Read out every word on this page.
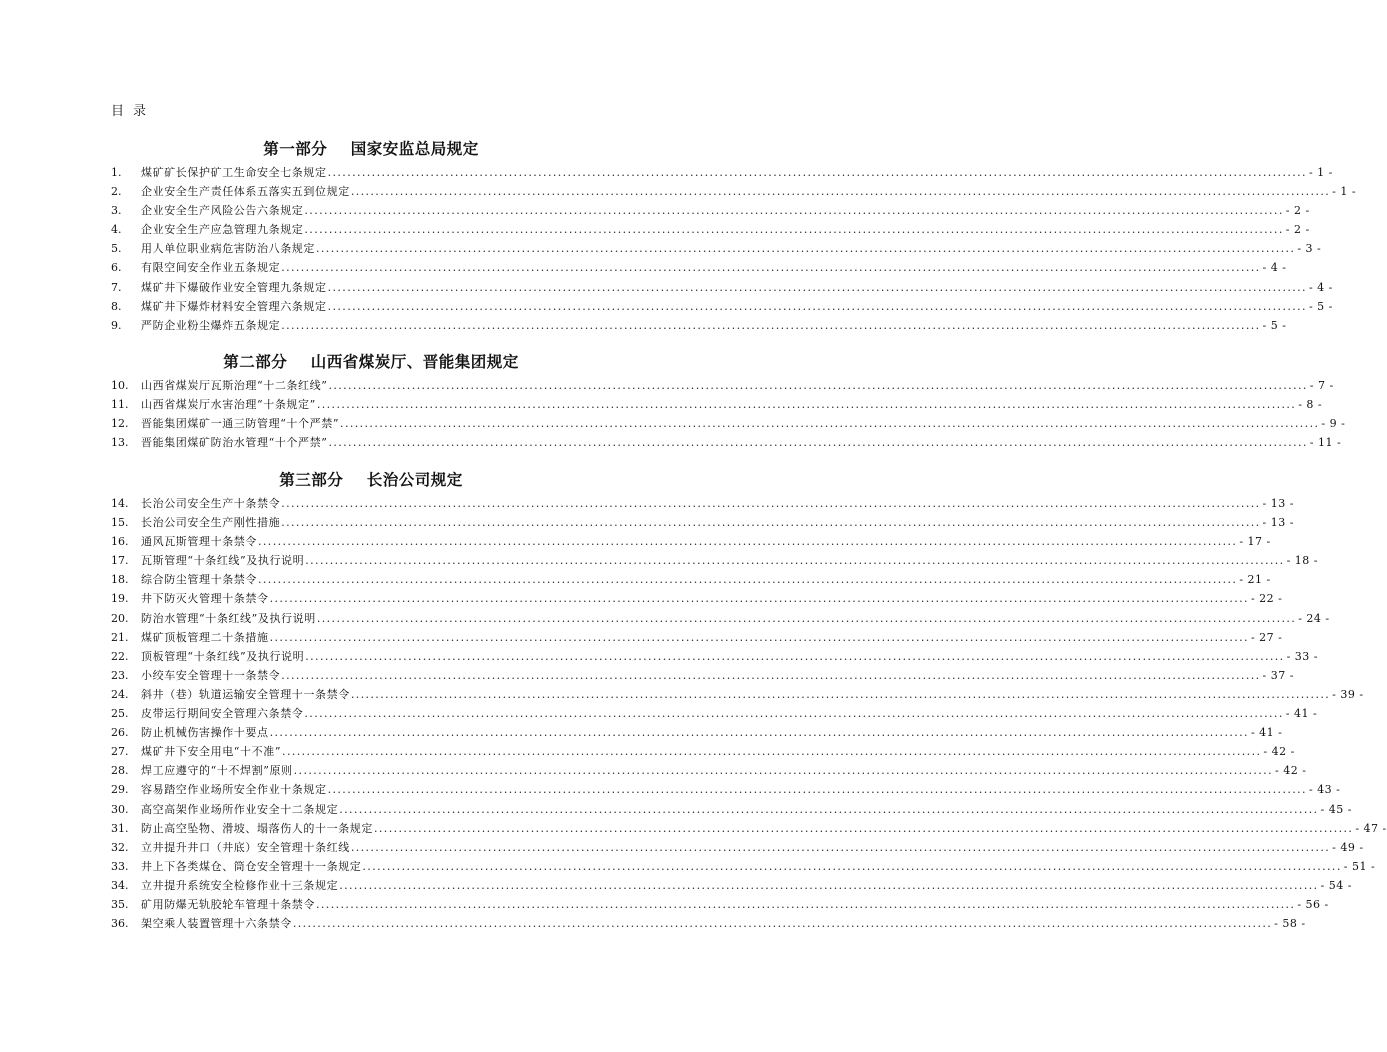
目 录
第一部分    国家安监总局规定
1.	煤矿矿长保护矿工生命安全七条规定 ........................................................................................................................................................................................................ - 1 -
2.	企业安全生产责任体系五落实五到位规定 ........................................................................................................................................................................................................ - 1 -
3.	企业安全生产风险公告六条规定 ........................................................................................................................................................................................................ - 2 -
4.	企业安全生产应急管理九条规定 ........................................................................................................................................................................................................ - 2 -
5.	用人单位职业病危害防治八条规定 ........................................................................................................................................................................................................ - 3 -
6.	有限空间安全作业五条规定 ........................................................................................................................................................................................................ - 4 -
7.	煤矿井下爆破作业安全管理九条规定 ........................................................................................................................................................................................................ - 4 -
8.	煤矿井下爆炸材料安全管理六条规定 ........................................................................................................................................................................................................ - 5 -
9.	严防企业粉尘爆炸五条规定 ........................................................................................................................................................................................................ - 5 -
第二部分    山西省煤炭厅、晋能集团规定
10.	山西省煤炭厅瓦斯治理“十二条红线” ........................................................................................................................................................................................................ - 7 -
11.	山西省煤炭厅水害治理“十条规定” ........................................................................................................................................................................................................ - 8 -
12.	晋能集团煤矿一通三防管理“十个严禁” ........................................................................................................................................................................................................ - 9 -
13.	晋能集团煤矿防治水管理“十个严禁” ........................................................................................................................................................................................................ - 11 -
第三部分    长治公司规定
14.	长治公司安全生产十条禁令 ........................................................................................................................................................................................................ - 13 -
15.	长治公司安全生产刚性措施 ........................................................................................................................................................................................................ - 13 -
16.	通风瓦斯管理十条禁令 ........................................................................................................................................................................................................ - 17 -
17.	瓦斯管理“十条红线”及执行说明 ........................................................................................................................................................................................................ - 18 -
18.	综合防尘管理十条禁令 ........................................................................................................................................................................................................ - 21 -
19.	井下防灭火管理十条禁令 ........................................................................................................................................................................................................ - 22 -
20.	防治水管理“十条红线”及执行说明 ........................................................................................................................................................................................................ - 24 -
21.	煤矿顶板管理二十条措施 ........................................................................................................................................................................................................ - 27 -
22.	顶板管理“十条红线”及执行说明 ........................................................................................................................................................................................................ - 33 -
23.	小绞车安全管理十一条禁令 ........................................................................................................................................................................................................ - 37 -
24.	斜井（巷）轨道运输安全管理十一条禁令 ........................................................................................................................................................................................................ - 39 -
25.	皮带运行期间安全管理六条禁令 ........................................................................................................................................................................................................ - 41 -
26.	防止机械伤害操作十要点 ........................................................................................................................................................................................................ - 41 -
27.	煤矿井下安全用电“十不准” ........................................................................................................................................................................................................ - 42 -
28.	焊工应遵守的“十不焊割”原则 ........................................................................................................................................................................................................ - 42 -
29.	容易踏空作业场所安全作业十条规定 ........................................................................................................................................................................................................ - 43 -
30.	高空高架作业场所作业安全十二条规定 ........................................................................................................................................................................................................ - 45 -
31.	防止高空坠物、滑坡、塌落伤人的十一条规定 ........................................................................................................................................................................................................ - 47 -
32.	立井提升井口（井底）安全管理十条红线 ........................................................................................................................................................................................................ - 49 -
33.	井上下各类煤仓、筒仓安全管理十一条规定 ........................................................................................................................................................................................................ - 51 -
34.	立井提升系统安全检修作业十三条规定 ........................................................................................................................................................................................................ - 54 -
35.	矿用防爆无轨胶轮车管理十条禁令 ........................................................................................................................................................................................................ - 56 -
36.	架空乘人装置管理十六条禁令 ........................................................................................................................................................................................................ - 58 -
